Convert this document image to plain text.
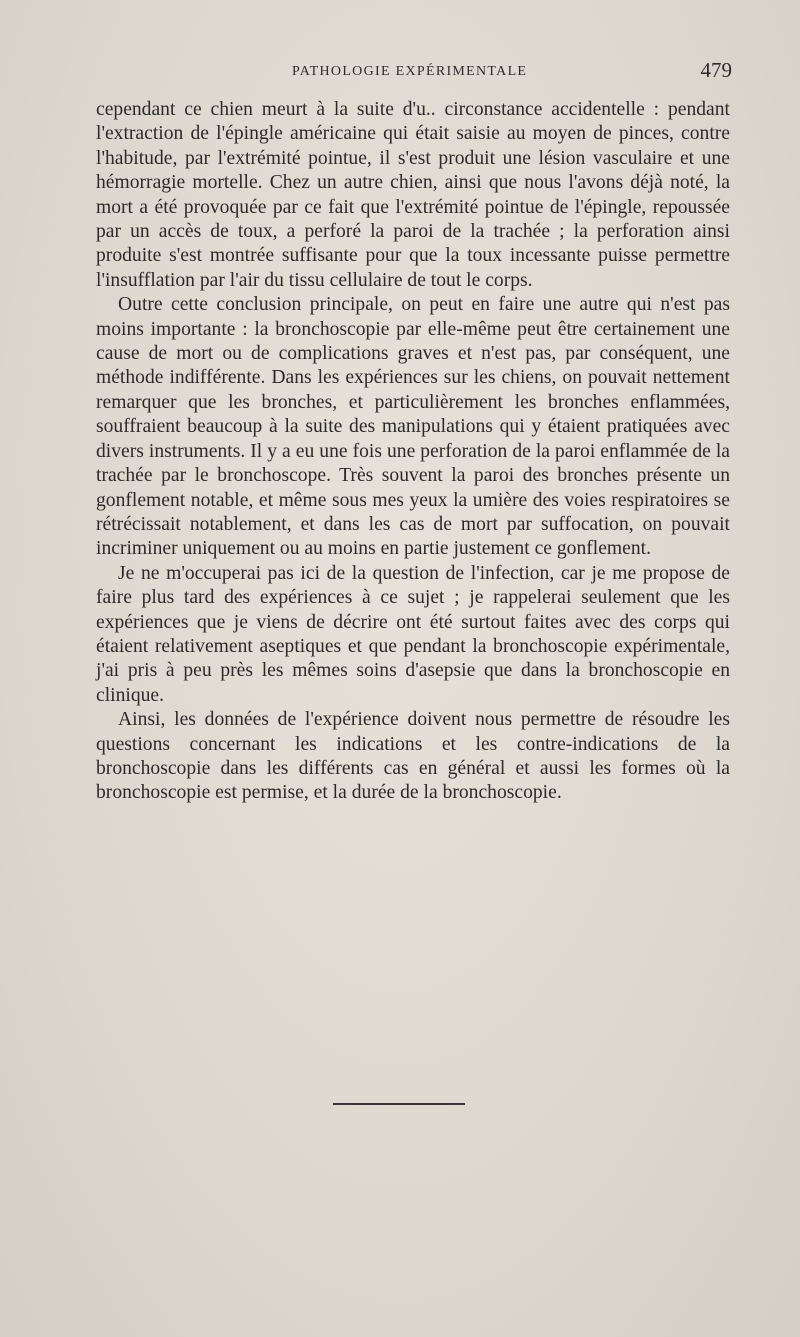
PATHOLOGIE EXPÉRIMENTALE	479

cependant ce chien meurt à la suite d'u.. circonstance accidentelle : pendant l'extraction de l'épingle américaine qui était saisie au moyen de pinces, contre l'habitude, par l'extrémité pointue, il s'est produit une lésion vasculaire et une hémorragie mortelle. Chez un autre chien, ainsi que nous l'avons déjà noté, la mort a été provoquée par ce fait que l'extrémité pointue de l'épingle, repoussée par un accès de toux, a perforé la paroi de la trachée ; la perforation ainsi produite s'est montrée suffisante pour que la toux incessante puisse permettre l'insufflation par l'air du tissu cellulaire de tout le corps.

Outre cette conclusion principale, on peut en faire une autre qui n'est pas moins importante : la bronchoscopie par elle-même peut être certainement une cause de mort ou de complications graves et n'est pas, par conséquent, une méthode indifférente. Dans les expériences sur les chiens, on pouvait nettement remarquer que les bronches, et particulièrement les bronches enflammées, souffraient beaucoup à la suite des manipulations qui y étaient pratiquées avec divers instruments. Il y a eu une fois une perforation de la paroi enflammée de la trachée par le bronchoscope. Très souvent la paroi des bronches présente un gonflement notable, et même sous mes yeux la umière des voies respiratoires se rétrécissait notablement, et dans les cas de mort par suffocation, on pouvait incriminer uniquement ou au moins en partie justement ce gonflement.

Je ne m'occuperai pas ici de la question de l'infection, car je me propose de faire plus tard des expériences à ce sujet ; je rappelerai seulement que les expériences que je viens de décrire ont été surtout faites avec des corps qui étaient relativement aseptiques et que pendant la bronchoscopie expérimentale, j'ai pris à peu près les mêmes soins d'asepsie que dans la bronchoscopie en clinique.

Ainsi, les données de l'expérience doivent nous permettre de résoudre les questions concernant les indications et les contre-indications de la bronchoscopie dans les différents cas en général et aussi les formes où la bronchoscopie est permise, et la durée de la bronchoscopie.
